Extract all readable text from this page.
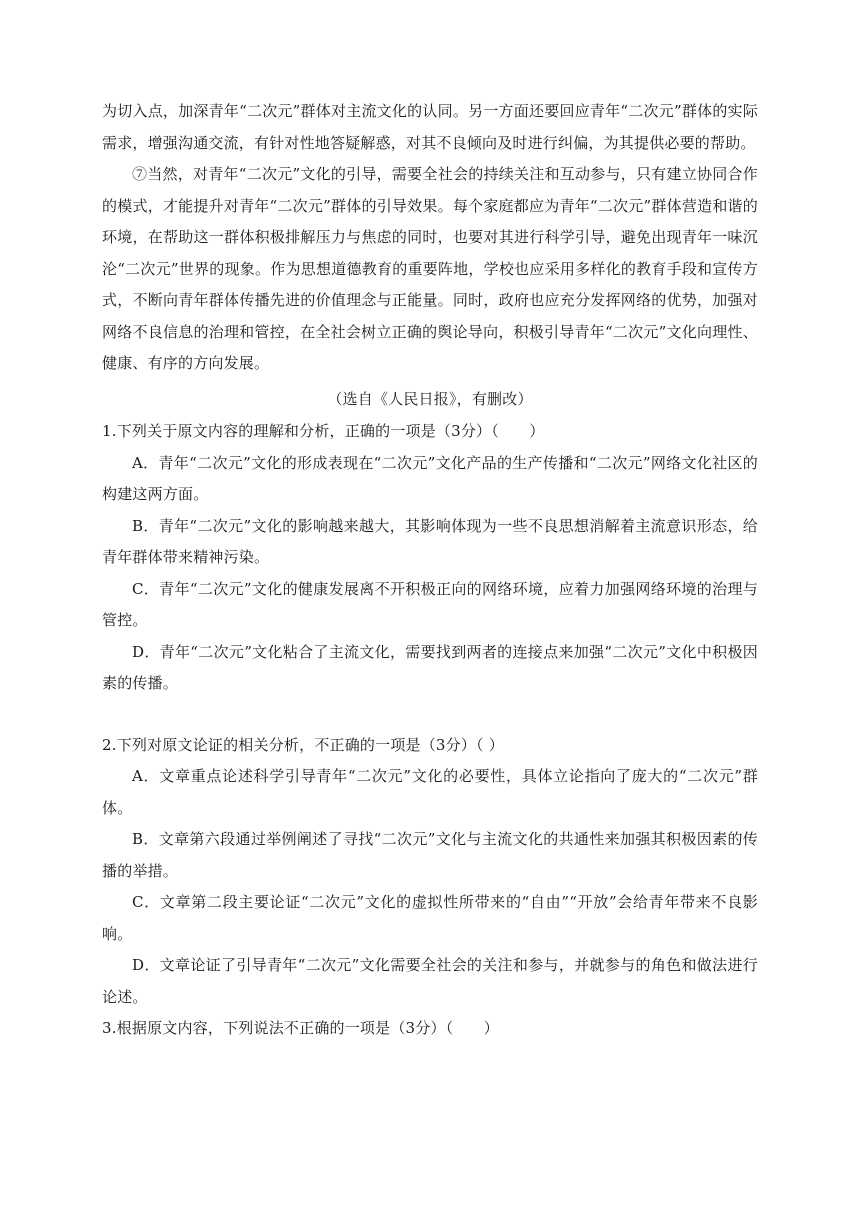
为切入点，加深青年“二次元”群体对主流文化的认同。另一方面还要回应青年“二次元”群体的实际需求，增强沟通交流，有针对性地答疑解惑，对其不良倾向及时进行纠偏，为其提供必要的帮助。

⑦当然，对青年“二次元”文化的引导，需要全社会的持续关注和互动参与，只有建立协同合作的模式，才能提升对青年“二次元”群体的引导效果。每个家庭都应为青年“二次元”群体营造和谐的环境，在帮助这一群体积极排解压力与焦虑的同时，也要对其进行科学引导，避免出现青年一味沉沦“二次元”世界的现象。作为思想道德教育的重要阵地，学校也应采用多样化的教育手段和宣传方式，不断向青年群体传播先进的价值理念与正能量。同时，政府也应充分发挥网络的优势，加强对网络不良信息的治理和管控，在全社会树立正确的舆论导向，积极引导青年“二次元”文化向理性、健康、有序的方向发展。

（选自《人民日报》，有删改）

1.下列关于原文内容的理解和分析，正确的一项是（3分）（　　）

A．青年“二次元”文化的形成表现在“二次元”文化产品的生产传播和“二次元”网络文化社区的构建这两方面。

B．青年“二次元”文化的影响越来越大，其影响体现为一些不良思想消解着主流意识形态，给青年群体带来精神污染。

C．青年“二次元”文化的健康发展离不开积极正向的网络环境，应着力加强网络环境的治理与管控。

D．青年“二次元”文化粘合了主流文化，需要找到两者的连接点来加强“二次元”文化中积极因素的传播。

2.下列对原文论证的相关分析，不正确的一项是（3分）（ ）

A．文章重点论述科学引导青年“二次元”文化的必要性，具体立论指向了庞大的“二次元”群体。

B．文章第六段通过举例阐述了寻找“二次元”文化与主流文化的共通性来加强其积极因素的传播的举措。

C．文章第二段主要论证“二次元”文化的虚拟性所带来的“自由”“开放”会给青年带来不良影响。

D．文章论证了引导青年“二次元”文化需要全社会的关注和参与，并就参与的角色和做法进行论述。

3.根据原文内容，下列说法不正确的一项是（3分）（　　）
